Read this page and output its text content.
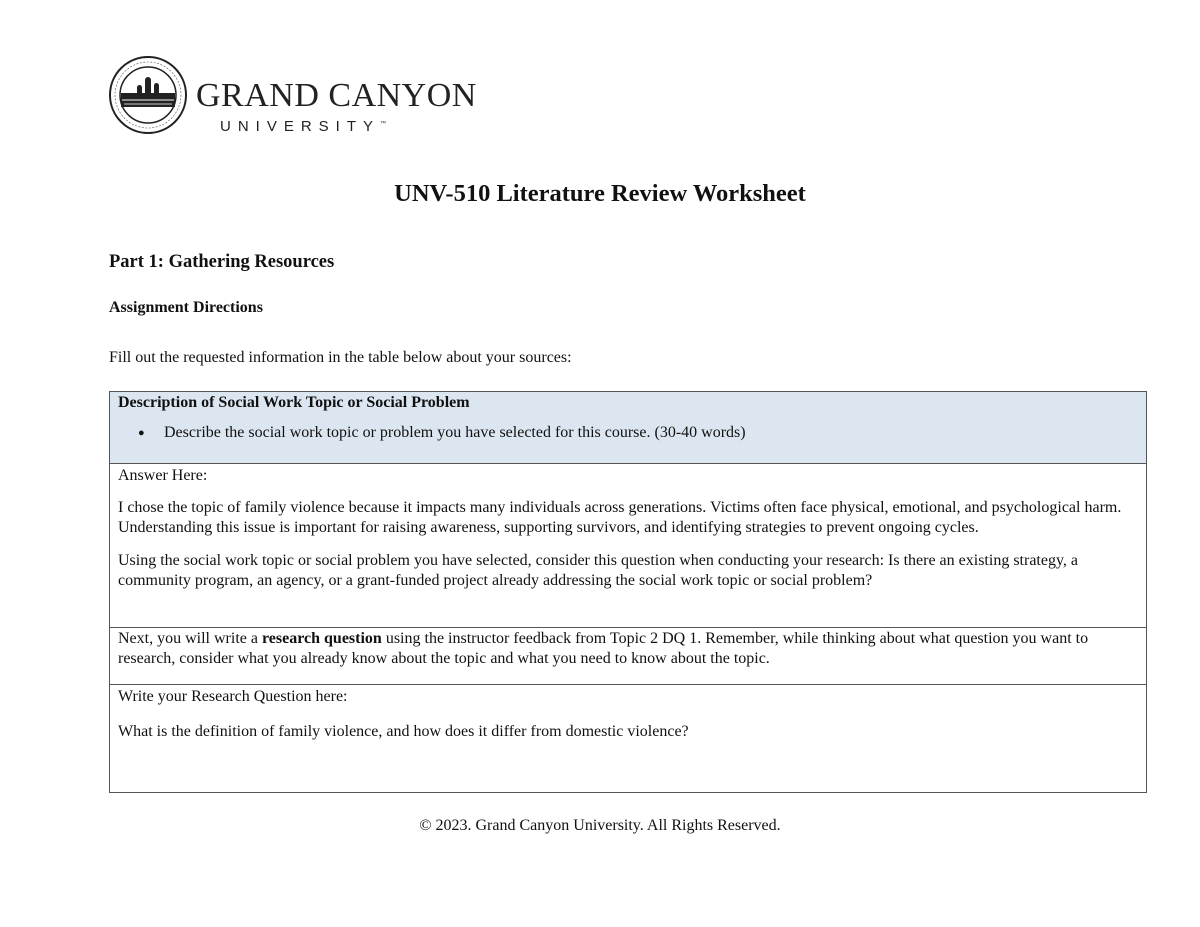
GRAND CANYON
UNIVERSITY™
UNV-510 Literature Review Worksheet
Part 1: Gathering Resources
Assignment Directions
Fill out the requested information in the table below about your sources:
Description of Social Work Topic or Social Problem
● Describe the social work topic or problem you have selected for this course. (30-40 words)

Answer Here:

I chose the topic of family violence because it impacts many individuals across generations. Victims often face physical, emotional, and psychological harm. Understanding this issue is important for raising awareness, supporting survivors, and identifying strategies to prevent ongoing cycles.

Using the social work topic or social problem you have selected, consider this question when conducting your research: Is there an existing strategy, a community program, an agency, or a grant-funded project already addressing the social work topic or social problem?

Next, you will write a research question using the instructor feedback from Topic 2 DQ 1. Remember, while thinking about what question you want to research, consider what you already know about the topic and what you need to know about the topic.

Write your Research Question here:

What is the definition of family violence, and how does it differ from domestic violence?

© 2023. Grand Canyon University. All Rights Reserved.
